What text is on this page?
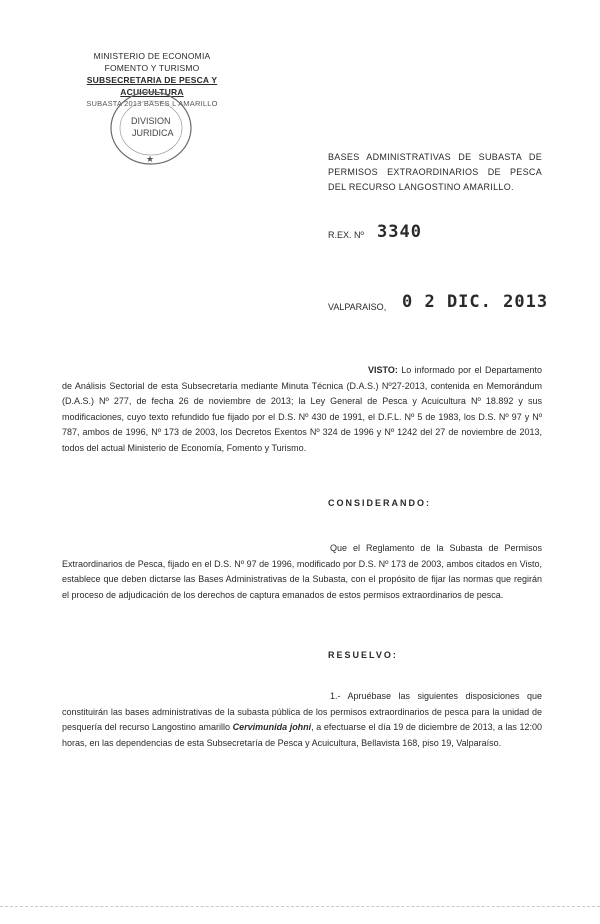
MINISTERIO DE ECONOMIA
FOMENTO Y TURISMO
SUBSECRETARIA DE PESCA Y ACUICULTURA
SUBASTA 2013 BASES L AMARILLO
★
DIVISION
JURIDICA
BASES ADMINISTRATIVAS DE SUBASTA DE PERMISOS EXTRAORDINARIOS DE PESCA DEL RECURSO LANGOSTINO AMARILLO.
R.EX. Nº 3340
VALPARAISO, 0 2 DIC. 2013
VISTO: Lo informado por el Departamento de Análisis Sectorial de esta Subsecretaría mediante Minuta Técnica (D.A.S.) Nº27-2013, contenida en Memorándum (D.A.S.) Nº 277, de fecha 26 de noviembre de 2013; la Ley General de Pesca y Acuicultura Nº 18.892 y sus modificaciones, cuyo texto refundido fue fijado por el D.S. Nº 430 de 1991, el D.F.L. Nº 5 de 1983, los D.S. Nº 97 y Nº 787, ambos de 1996, Nº 173 de 2003, los Decretos Exentos Nº 324 de 1996 y Nº 1242 del 27 de noviembre de 2013, todos del actual Ministerio de Economía, Fomento y Turismo.
CONSIDERANDO:
Que el Reglamento de la Subasta de Permisos Extraordinarios de Pesca, fijado en el D.S. Nº 97 de 1996, modificado por D.S. Nº 173 de 2003, ambos citados en Visto, establece que deben dictarse las Bases Administrativas de la Subasta, con el propósito de fijar las normas que regirán el proceso de adjudicación de los derechos de captura emanados de estos permisos extraordinarios de pesca.
RESUELVO:
1.- Apruébase las siguientes disposiciones que constituirán las bases administrativas de la subasta pública de los permisos extraordinarios de pesca para la unidad de pesquería del recurso Langostino amarillo Cervimunida johni, a efectuarse el día 19 de diciembre de 2013, a las 12:00 horas, en las dependencias de esta Subsecretaría de Pesca y Acuicultura, Bellavista 168, piso 19, Valparaíso.
